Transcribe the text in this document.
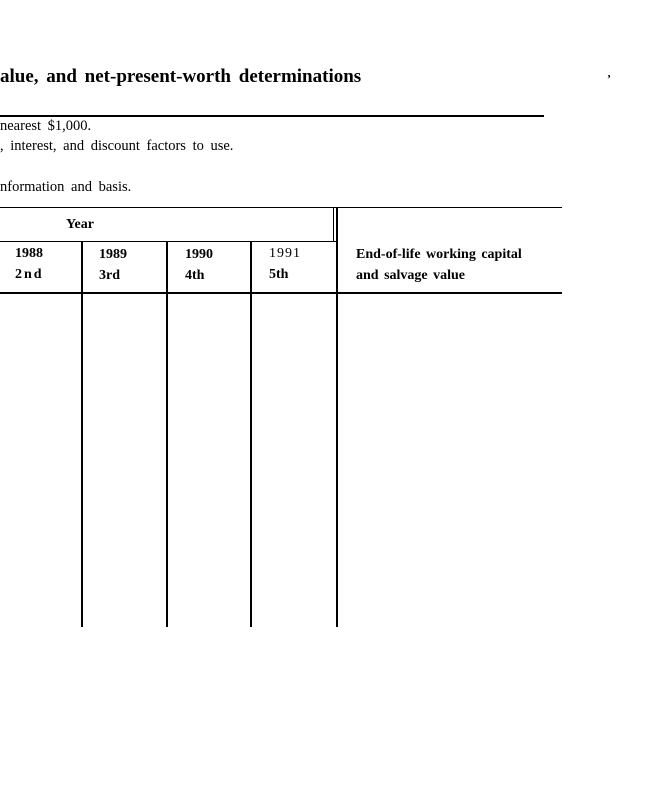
alue, and net-present-worth determinations	ʼ
nearest $1,000.
, interest, and discount factors to use.
nformation and basis.
Year
1988
2nd
1989
3rd
1990
4th
1991
5th
End-of-life working capital
and salvage value
